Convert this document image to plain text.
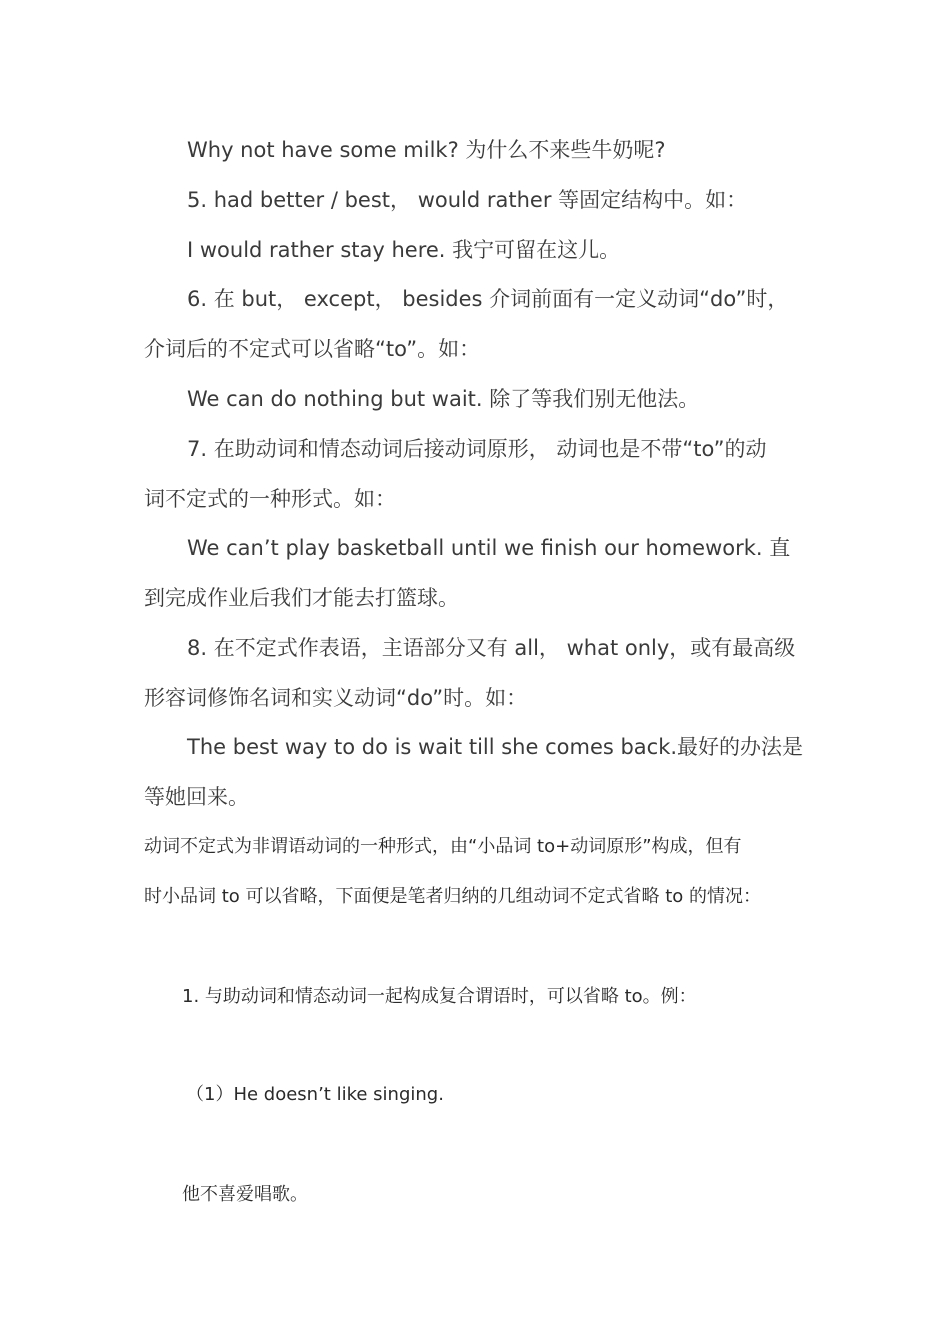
Why not have some milk? 为什么不来些牛奶呢?
5. had better / best， would rather 等固定结构中。如：
I would rather stay here. 我宁可留在这儿。
6. 在 but， except， besides 介词前面有一定义动词“do”时，
介词后的不定式可以省略“to”。如：
We can do nothing but wait. 除了等我们别无他法。
7. 在助动词和情态动词后接动词原形， 动词也是不带“to”的动
词不定式的一种形式。如：
We can’t play basketball until we finish our homework. 直
到完成作业后我们才能去打篮球。
8. 在不定式作表语，主语部分又有 all， what only，或有最高级
形容词修饰名词和实义动词“do”时。如：
The best way to do is wait till she comes back.最好的办法是
等她回来。
动词不定式为非谓语动词的一种形式，由“小品词 to+动词原形”构成，但有
时小品词 to 可以省略，下面便是笔者归纳的几组动词不定式省略 to 的情况：
1. 与助动词和情态动词一起构成复合谓语时，可以省略 to。例：
（1）He doesn’t like singing.
他不喜爱唱歌。
